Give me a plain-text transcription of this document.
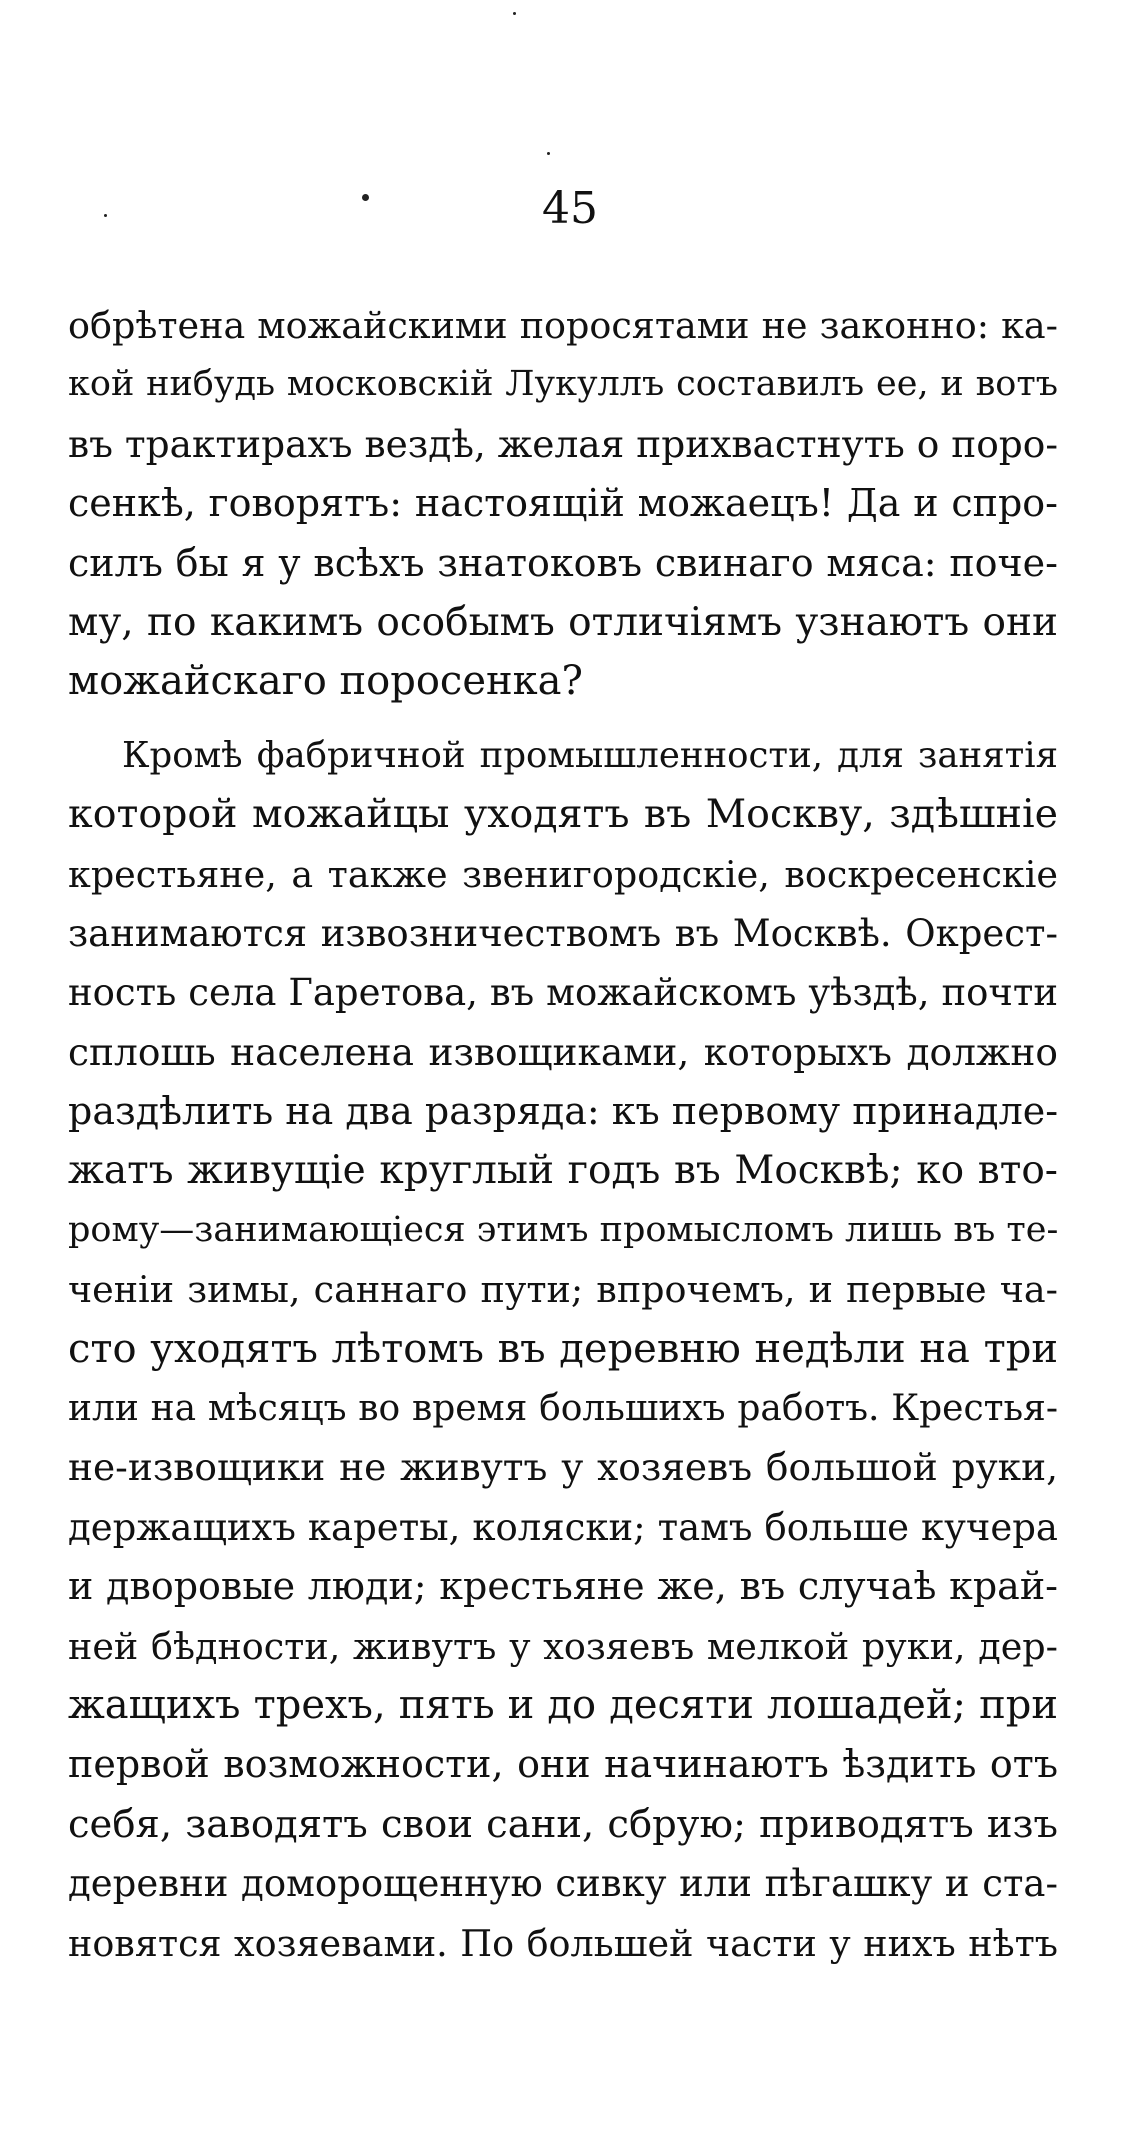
45
обрѣтена можайскими поросятами не законно: ка-
кой нибудь московскій Лукуллъ составилъ ее, и вотъ
въ трактирахъ вездѣ, желая прихвастнуть о поро-
сенкѣ, говорятъ: настоящій можаецъ! Да и спро-
силъ бы я у всѣхъ знатоковъ свинаго мяса: поче-
му, по какимъ особымъ отличіямъ узнаютъ они
можайскаго поросенка?
Кромѣ фабричной промышленности, для занятія
которой можайцы уходятъ въ Москву, здѣшніе
крестьяне, а также звенигородскіе, воскресенскіе
занимаются извозничествомъ въ Москвѣ. Окрест-
ность села Гаретова, въ можайскомъ уѣздѣ, почти
сплошь населена извощиками, которыхъ должно
раздѣлить на два разряда: къ первому принадле-
жатъ живущіе круглый годъ въ Москвѣ; ко вто-
рому—занимающіеся этимъ промысломъ лишь въ те-
ченіи зимы, саннаго пути; впрочемъ, и первые ча-
сто уходятъ лѣтомъ въ деревню недѣли на три
или на мѣсяцъ во время большихъ работъ. Крестья-
не-извощики не живутъ у хозяевъ большой руки,
держащихъ кареты, коляски; тамъ больше кучера
и дворовые люди; крестьяне же, въ случаѣ край-
ней бѣдности, живутъ у хозяевъ мелкой руки, дер-
жащихъ трехъ, пять и до десяти лошадей; при
первой возможности, они начинаютъ ѣздить отъ
себя, заводятъ свои сани, сбрую; приводятъ изъ
деревни доморощенную сивку или пѣгашку и ста-
новятся хозяевами. По большей части у нихъ нѣтъ
